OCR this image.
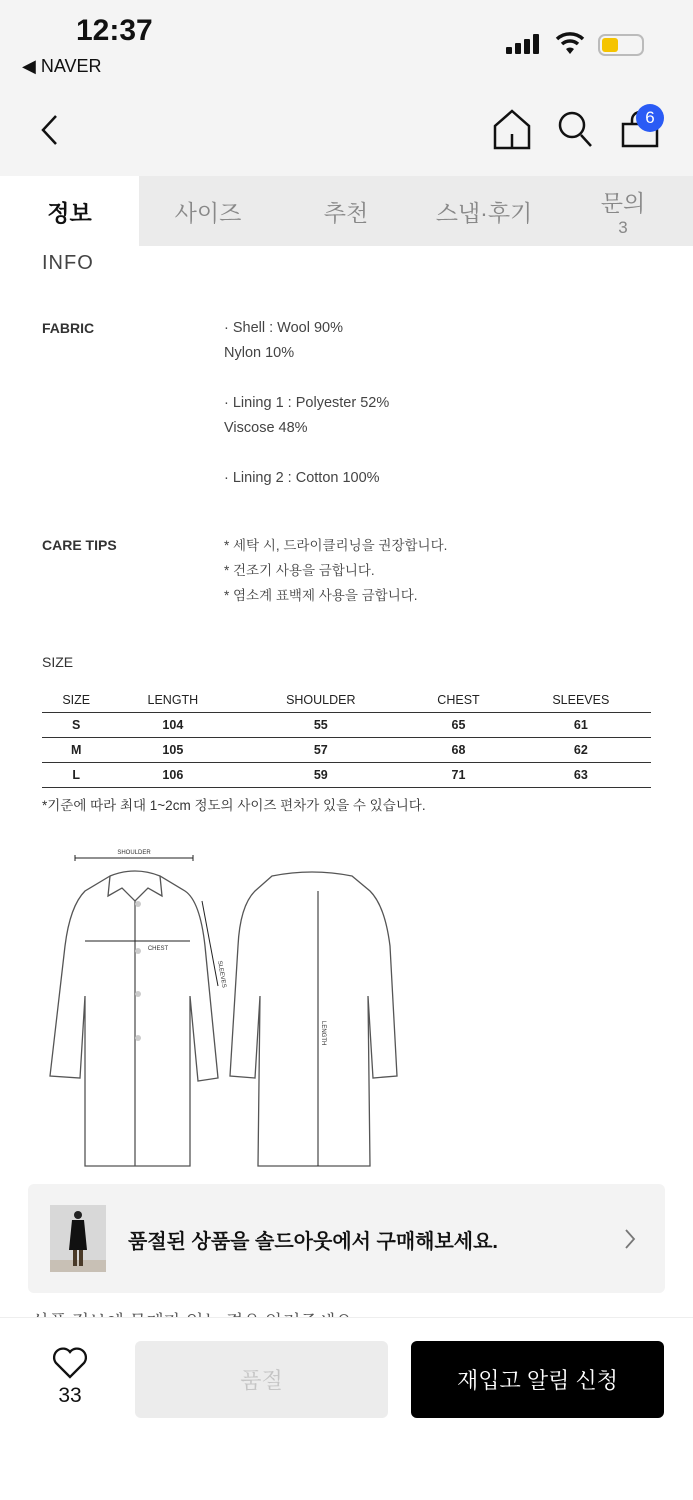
12:37
◀ NAVER
6
정보	사이즈	추천	스냅·후기	문의
3
INFO
FABRIC	· Shell : Wool 90%
Nylon 10%
· Lining 1 : Polyester 52%
Viscose 48%
· Lining 2 : Cotton 100%
CARE TIPS	* 세탁 시, 드라이클리닝을 권장합니다.
* 건조기 사용을 금합니다.
* 염소계 표백제 사용을 금합니다.
SIZE
SIZE	LENGTH	SHOULDER	CHEST	SLEEVES
S	104	55	65	61
M	105	57	68	62
L	106	59	71	63
*기준에 따라 최대 1~2cm 정도의 사이즈 편차가 있을 수 있습니다.
SHOULDER
CHEST
SLEEVES
LENGTH
품절된 상품을 솔드아웃에서 구매해보세요.
33
품절	재입고 알림 신청
